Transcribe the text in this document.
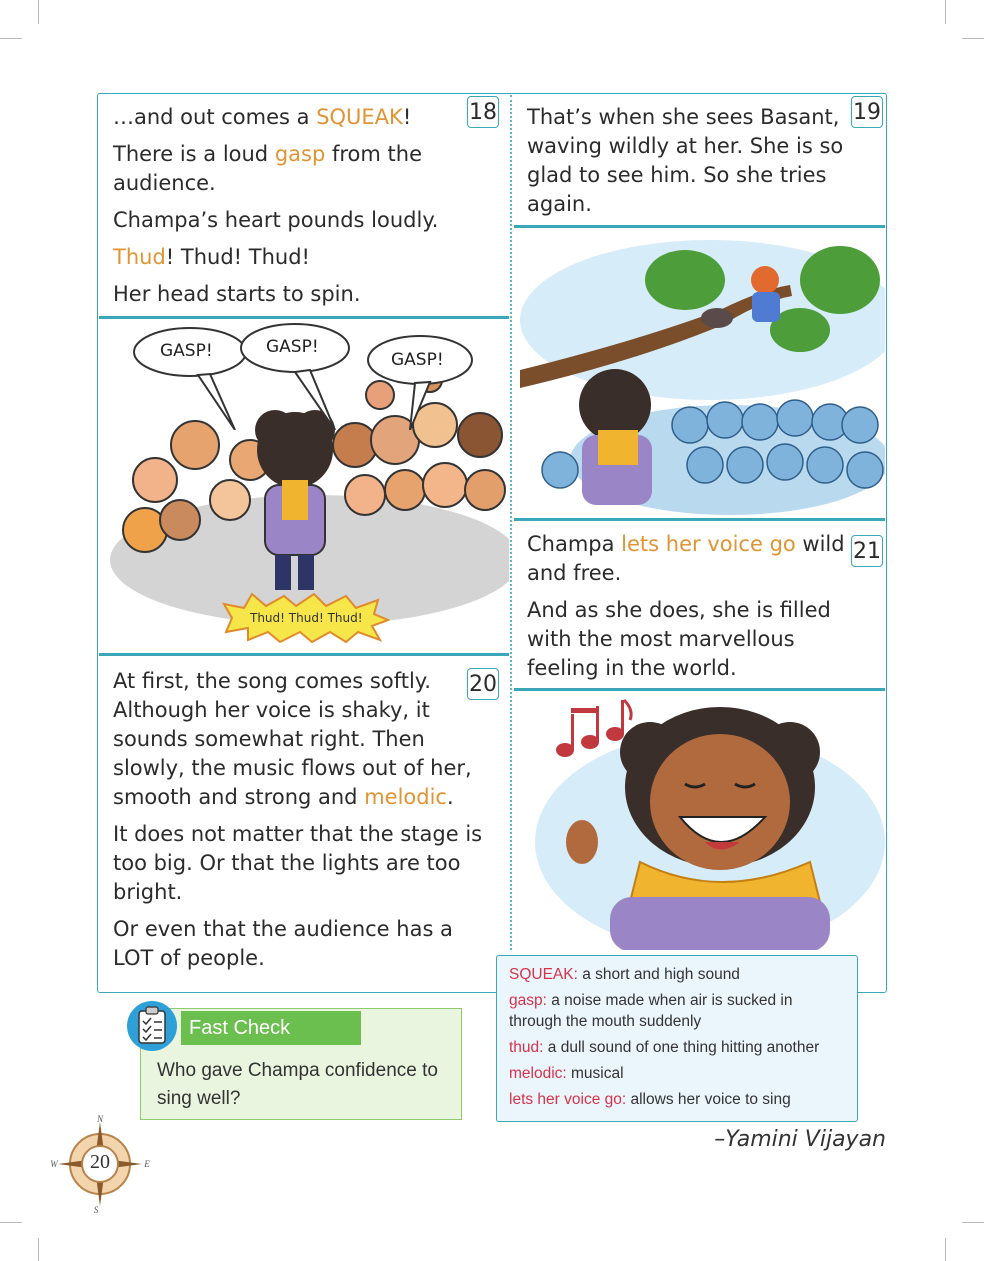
…and out comes a SQUEAK!

There is a loud gasp from the audience.

Champa’s heart pounds loudly.

Thud! Thud! Thud!

Her head starts to spin.

18
GASP!	GASP!
GASP!
Thud! Thud! Thud!

That’s when she sees Basant, waving wildly at her. She is so glad to see him. So she tries again.

19

At first, the song comes softly. Although her voice is shaky, it sounds somewhat right. Then slowly, the music flows out of her, smooth and strong and melodic.

It does not matter that the stage is too big. Or that the lights are too bright.

Or even that the audience has a LOT of people.

20

Champa lets her voice go wild and free.

And as she does, she is filled with the most marvellous feeling in the world.

21
SQUEAK: a short and high sound
gasp: a noise made when air is sucked in through the mouth suddenly
thud: a dull sound of one thing hitting another
melodic: musical
lets her voice go: allows her voice to sing
Fast Check
Who gave Champa confidence to sing well?
–Yamini Vijayan
N
S
W	E
20
